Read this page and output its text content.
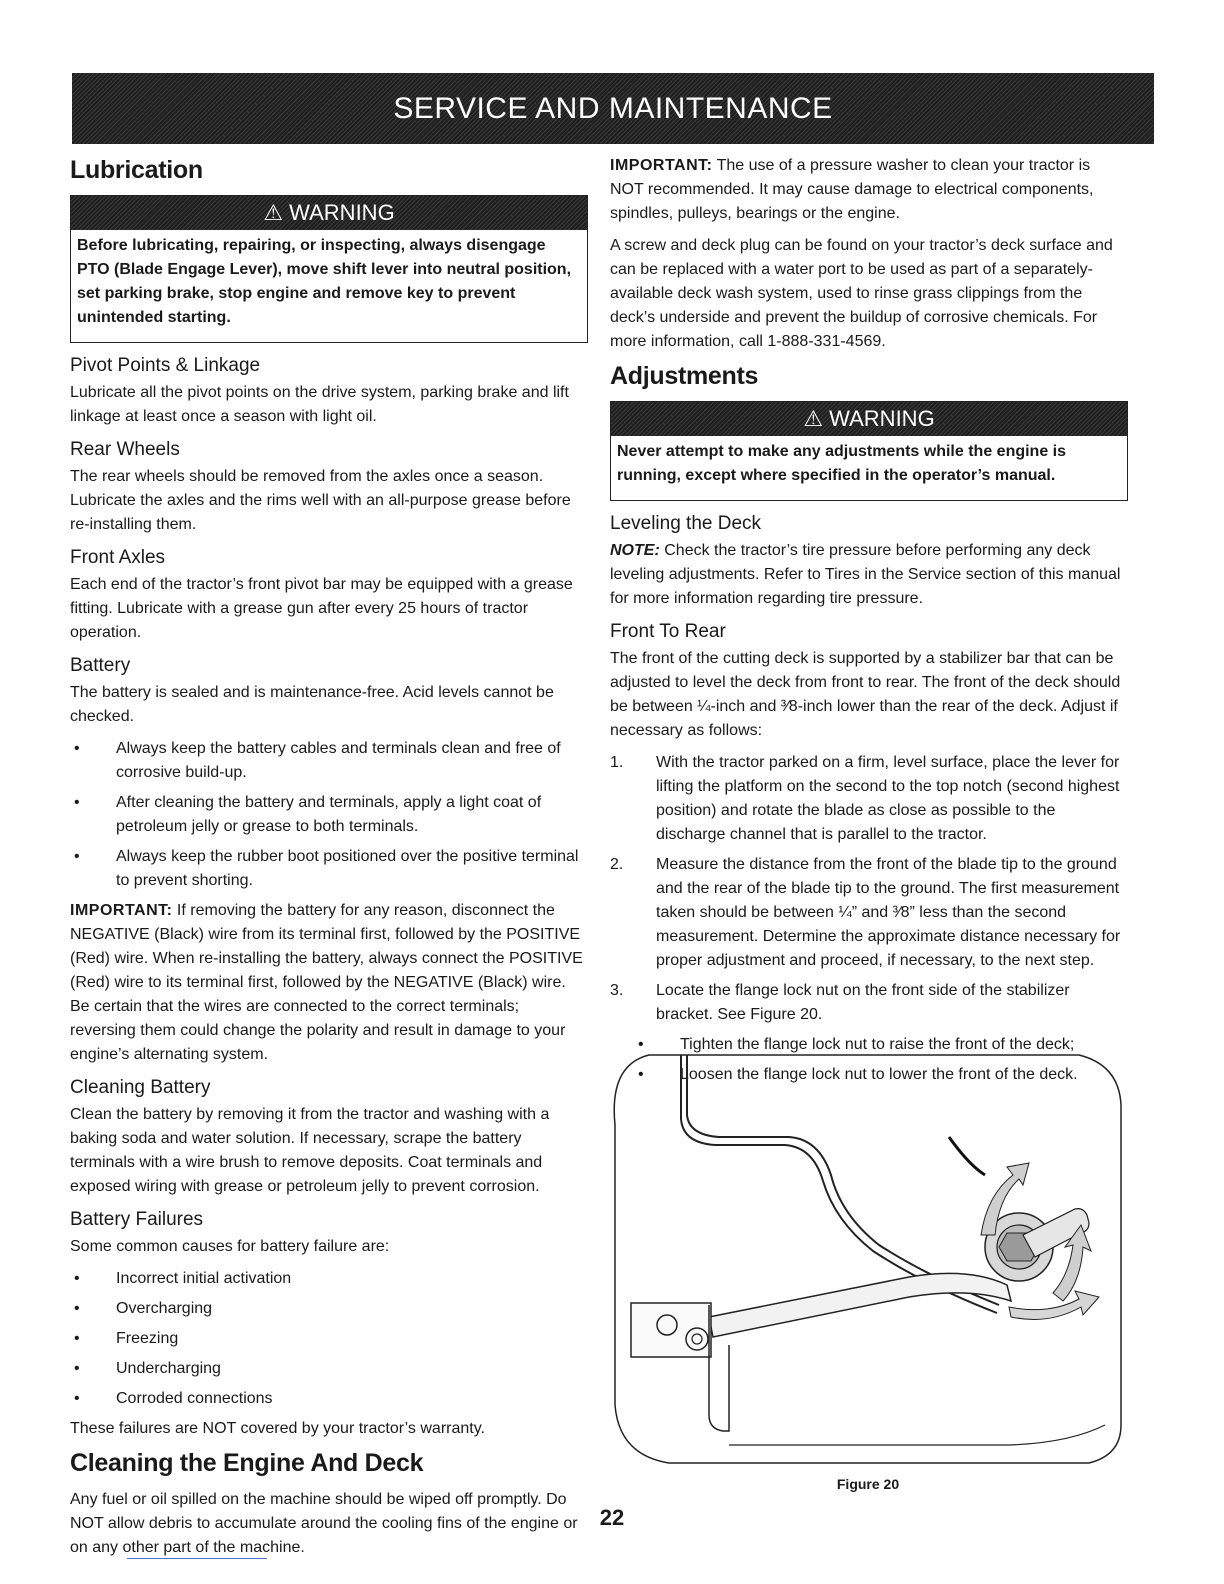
SERVICE AND MAINTENANCE
Lubrication
⚠ WARNING
Before lubricating, repairing, or inspecting, always disengage PTO (Blade Engage Lever), move shift lever into neutral position, set parking brake, stop engine and remove key to prevent unintended starting.
Pivot Points & Linkage

Lubricate all the pivot points on the drive system, parking brake and lift linkage at least once a season with light oil.

Rear Wheels

The rear wheels should be removed from the axles once a season. Lubricate the axles and the rims well with an all-purpose grease before re-installing them.

Front Axles

Each end of the tractor’s front pivot bar may be equipped with a grease fitting. Lubricate with a grease gun after every 25 hours of tractor operation.

Battery

The battery is sealed and is maintenance-free. Acid levels cannot be checked.

• Always keep the battery cables and terminals clean and free of corrosive build-up.
• After cleaning the battery and terminals, apply a light coat of petroleum jelly or grease to both terminals.
• Always keep the rubber boot positioned over the positive terminal to prevent shorting.

IMPORTANT: If removing the battery for any reason, disconnect the NEGATIVE (Black) wire from its terminal first, followed by the POSITIVE (Red) wire. When re-installing the battery, always connect the POSITIVE (Red) wire to its terminal first, followed by the NEGATIVE (Black) wire. Be certain that the wires are connected to the correct terminals; reversing them could change the polarity and result in damage to your engine’s alternating system.

Cleaning Battery

Clean the battery by removing it from the tractor and washing with a baking soda and water solution. If necessary, scrape the battery terminals with a wire brush to remove deposits. Coat terminals and exposed wiring with grease or petroleum jelly to prevent corrosion.

Battery Failures

Some common causes for battery failure are:

• Incorrect initial activation
• Overcharging
• Freezing
• Undercharging
• Corroded connections

These failures are NOT covered by your tractor’s warranty.

Cleaning the Engine And Deck

Any fuel or oil spilled on the machine should be wiped off promptly. Do NOT allow debris to accumulate around the cooling fins of the engine or on any other part of the machine.

IMPORTANT: The use of a pressure washer to clean your tractor is NOT recommended. It may cause damage to electrical components, spindles, pulleys, bearings or the engine.

A screw and deck plug can be found on your tractor’s deck surface and can be replaced with a water port to be used as part of a separately-available deck wash system, used to rinse grass clippings from the deck’s underside and prevent the buildup of corrosive chemicals. For more information, call 1-888-331-4569.

Adjustments
⚠ WARNING
Never attempt to make any adjustments while the engine is running, except where specified in the operator’s manual.
Leveling the Deck

NOTE: Check the tractor’s tire pressure before performing any deck leveling adjustments. Refer to Tires in the Service section of this manual for more information regarding tire pressure.

Front To Rear

The front of the cutting deck is supported by a stabilizer bar that can be adjusted to level the deck from front to rear. The front of the deck should be between ¼-inch and ³⁄8-inch lower than the rear of the deck. Adjust if necessary as follows:

1. With the tractor parked on a firm, level surface, place the lever for lifting the platform on the second to the top notch (second highest position) and rotate the blade as close as possible to the discharge channel that is parallel to the tractor.
2. Measure the distance from the front of the blade tip to the ground and the rear of the blade tip to the ground. The first measurement taken should be between ¼” and ³⁄8” less than the second measurement. Determine the approximate distance necessary for proper adjustment and proceed, if necessary, to the next step.
3. Locate the flange lock nut on the front side of the stabilizer bracket. See Figure 20.
• Tighten the flange lock nut to raise the front of the deck;
• Loosen the flange lock nut to lower the front of the deck.
Figure 20
22
